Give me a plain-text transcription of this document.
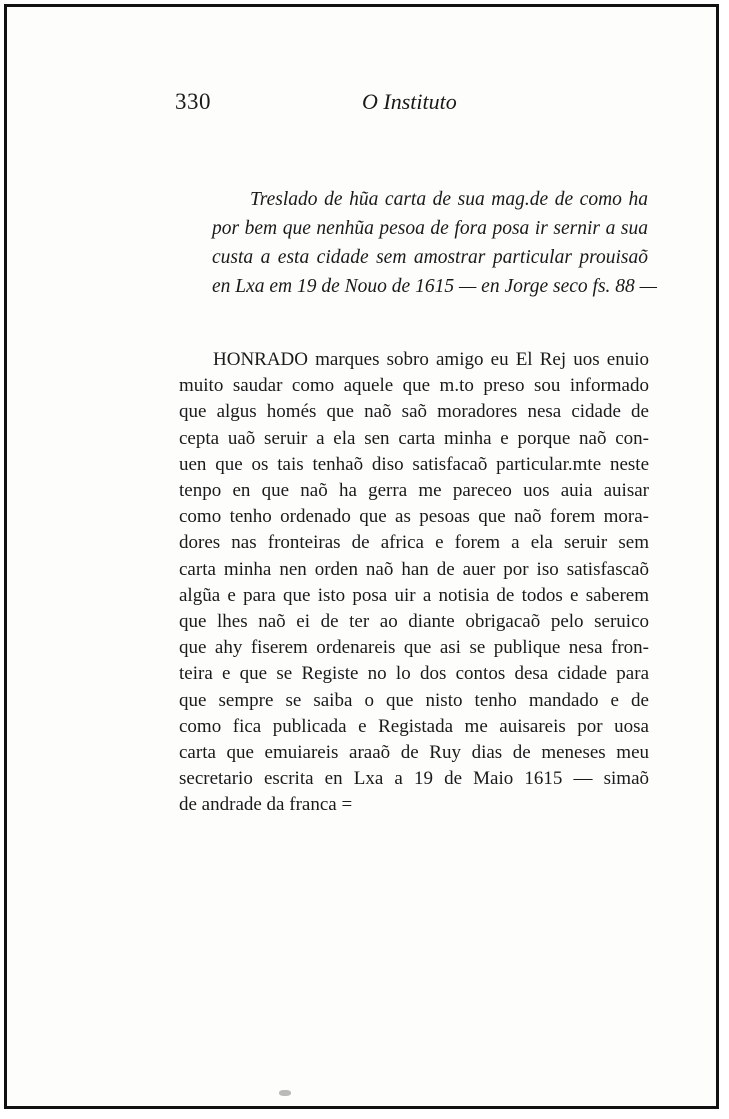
330	O Instituto
Treslado de hũa carta de sua mag.de de como ha
por bem que nenhũa pesoa de fora posa ir sernir a sua
custa a esta cidade sem amostrar particular prouisaõ
en Lxa em 19 de Nouo de 1615 — en Jorge seco fs. 88 —
HONRADO marques sobro amigo eu El Rej uos enuio
muito saudar como aquele que m.to preso sou informado
que algus homés que naõ saõ moradores nesa cidade de
cepta uaõ seruir a ela sen carta minha e porque naõ con-
uen que os tais tenhaõ diso satisfacaõ particular.mte neste
tenpo en que naõ ha gerra me pareceo uos auia auisar
como tenho ordenado que as pesoas que naõ forem mora-
dores nas fronteiras de africa e forem a ela seruir sem
carta minha nen orden naõ han de auer por iso satisfascaõ
algũa e para que isto posa uir a notisia de todos e saberem
que lhes naõ ei de ter ao diante obrigacaõ pelo seruico
que ahy fiserem ordenareis que asi se publique nesa fron-
teira e que se Registe no lo dos contos desa cidade para
que sempre se saiba o que nisto tenho mandado e de
como fica publicada e Registada me auisareis por uosa
carta que emuiareis araaõ de Ruy dias de meneses meu
secretario escrita en Lxa a 19 de Maio 1615 — simaõ
de andrade da franca =
